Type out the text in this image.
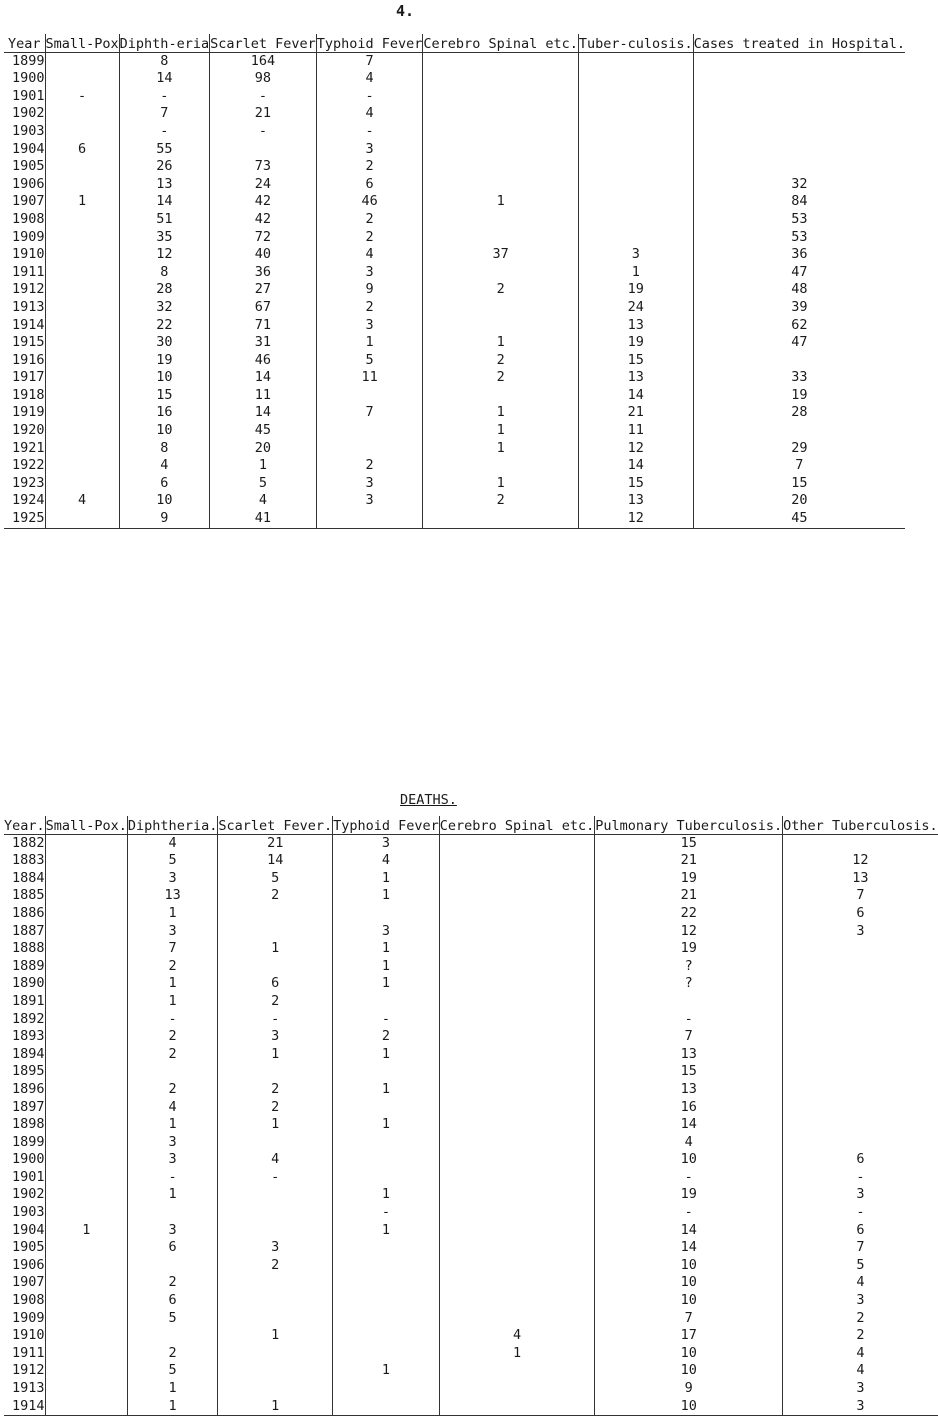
4.
Year	Small-Pox	Diphth-eria	Scarlet Fever	Typhoid Fever	Cerebro Spinal etc.	Tuber-culosis.	Cases treated in Hospital.
1899		8	164	7			
1900		14	98	4			
1901	-	-	-	-			
1902		7	21	4			
1903		-	-	-			
1904	6	55		3			
1905		26	73	2			
1906		13	24	6			32
1907	1	14	42	46	1		84
1908		51	42	2			53
1909		35	72	2			53
1910		12	40	4	37	3	36
1911		8	36	3		1	47
1912		28	27	9	2	19	48
1913		32	67	2		24	39
1914		22	71	3		13	62
1915		30	31	1	1	19	47
1916		19	46	5	2	15	
1917		10	14	11	2	13	33
1918		15	11			14	19
1919		16	14	7	1	21	28
1920		10	45		1	11	
1921		8	20		1	12	29
1922		4	1	2		14	7
1923		6	5	3	1	15	15
1924	4	10	4	3	2	13	20
1925		9	41			12	45
DEATHS.
Year.	Small-Pox.	Diphtheria.	Scarlet Fever.	Typhoid Fever	Cerebro Spinal etc.	Pulmonary Tuberculosis.	Other Tuberculosis.
1882		4	21	3		15	
1883		5	14	4		21	12
1884		3	5	1		19	13
1885		13	2	1		21	7
1886		1				22	6
1887		3		3		12	3
1888		7	1	1		19	
1889		2		1		?	
1890		1	6	1		?	
1891		1	2				
1892		-	-	-		-	
1893		2	3	2		7	
1894		2	1	1		13	
1895						15	
1896		2	2	1		13	
1897		4	2			16	
1898		1	1	1		14	
1899		3				4	
1900		3	4			10	6
1901		-	-			-	-
1902		1		1		19	3
1903				-		-	-
1904	1	3		1		14	6
1905		6	3			14	7
1906			2			10	5
1907		2				10	4
1908		6				10	3
1909		5				7	2
1910			1		4	17	2
1911		2			1	10	4
1912		5		1		10	4
1913		1				9	3
1914		1	1			10	3
